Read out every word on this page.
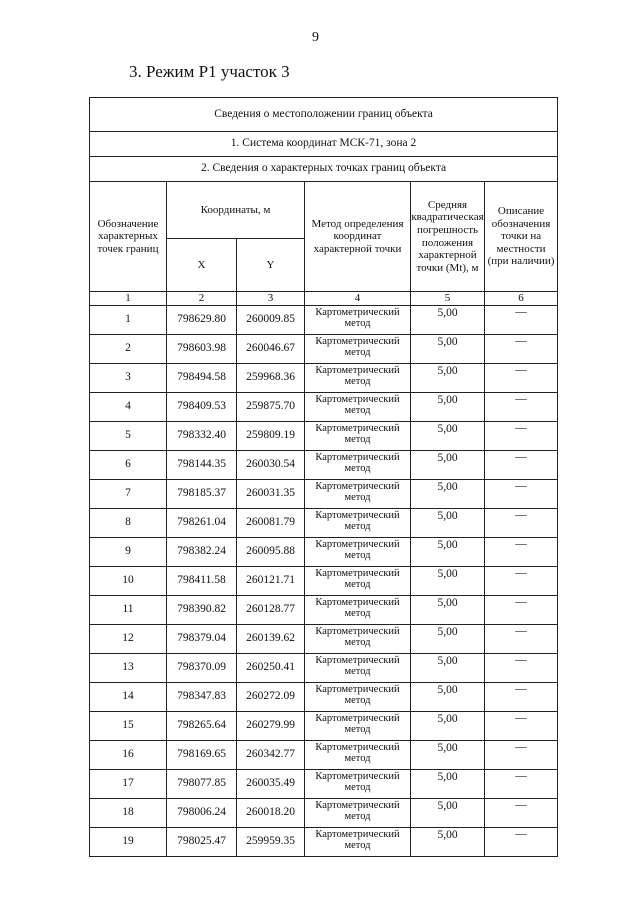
9
3. Режим Р1 участок 3
Сведения о местоположении границ объекта					
1. Система координат МСК-71, зона 2					
2. Сведения о характерных точках границ объекта					
Обозначение характерных точек границ	Координаты, м		Метод определения координат характерной точки	Средняя квадратическая погрешность положения характерной точки (Mt), м	Описание обозначения точки на местности (при наличии)
	X	Y			
1	2	3	4	5	6
1	798629.80	260009.85	Картометрический метод	5,00	—
2	798603.98	260046.67	Картометрический метод	5,00	—
3	798494.58	259968.36	Картометрический метод	5,00	—
4	798409.53	259875.70	Картометрический метод	5,00	—
5	798332.40	259809.19	Картометрический метод	5,00	—
6	798144.35	260030.54	Картометрический метод	5,00	—
7	798185.37	260031.35	Картометрический метод	5,00	—
8	798261.04	260081.79	Картометрический метод	5,00	—
9	798382.24	260095.88	Картометрический метод	5,00	—
10	798411.58	260121.71	Картометрический метод	5,00	—
11	798390.82	260128.77	Картометрический метод	5,00	—
12	798379.04	260139.62	Картометрический метод	5,00	—
13	798370.09	260250.41	Картометрический метод	5,00	—
14	798347.83	260272.09	Картометрический метод	5,00	—
15	798265.64	260279.99	Картометрический метод	5,00	—
16	798169.65	260342.77	Картометрический метод	5,00	—
17	798077.85	260035.49	Картометрический метод	5,00	—
18	798006.24	260018.20	Картометрический метод	5,00	—
19	798025.47	259959.35	Картометрический метод	5,00	—
